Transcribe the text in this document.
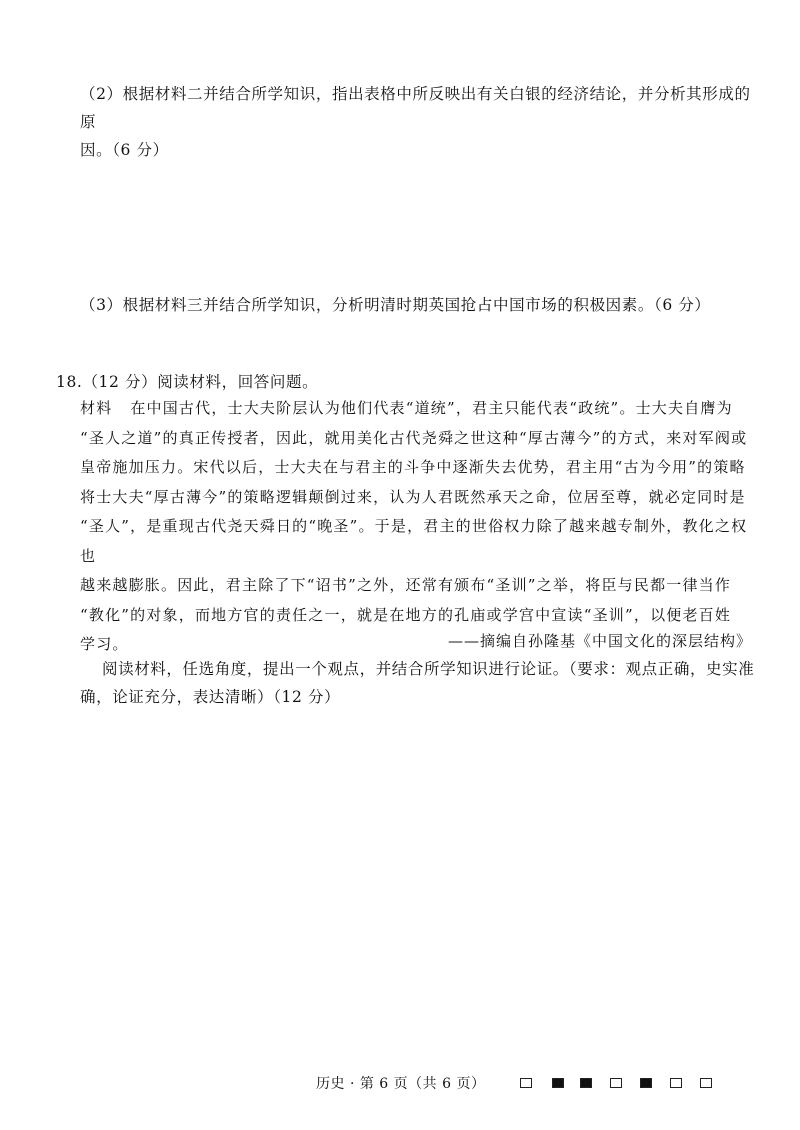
（2）根据材料二并结合所学知识，指出表格中所反映出有关白银的经济结论，并分析其形成的原
因。（6 分）
（3）根据材料三并结合所学知识，分析明清时期英国抢占中国市场的积极因素。（6 分）
18.（12 分）阅读材料，回答问题。
材料 在中国古代，士大夫阶层认为他们代表“道统”，君主只能代表“政统”。士大夫自膺为
“圣人之道”的真正传授者，因此，就用美化古代尧舜之世这种“厚古薄今”的方式，来对军阀或
皇帝施加压力。宋代以后，士大夫在与君主的斗争中逐渐失去优势，君主用“古为今用”的策略
将士大夫“厚古薄今”的策略逻辑颠倒过来，认为人君既然承天之命，位居至尊，就必定同时是
“圣人”，是重现古代尧天舜日的“晚圣”。于是，君主的世俗权力除了越来越专制外，教化之权也
越来越膨胀。因此，君主除了下“诏书”之外，还常有颁布“圣训”之举，将臣与民都一律当作
“教化”的对象，而地方官的责任之一，就是在地方的孔庙或学宫中宣读“圣训”，以便老百姓
学习。	——摘编自孙隆基《中国文化的深层结构》
阅读材料，任选角度，提出一个观点，并结合所学知识进行论证。（要求：观点正确，史实准
确，论证充分，表达清晰）（12 分）
历史 · 第 6 页（共 6 页）
